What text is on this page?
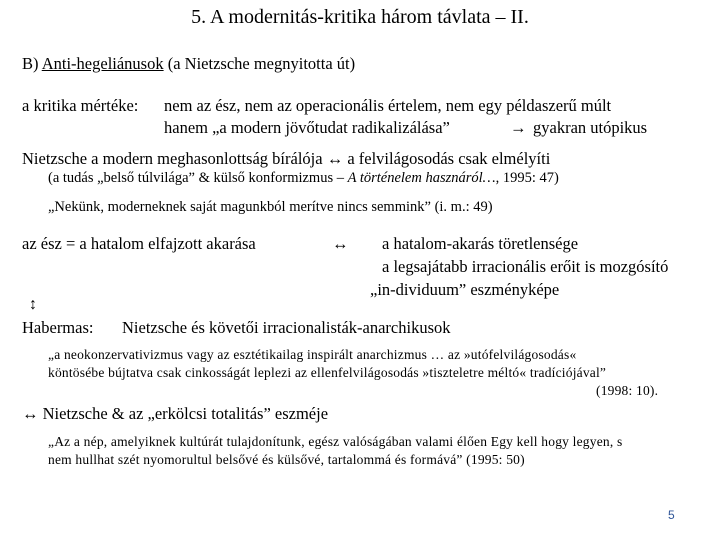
5. A modernitás-kritika három távlata – II.
B) Anti-hegeliánusok (a Nietzsche megnyitotta út)
a kritika mértéke: nem az ész, nem az operacionális értelem, nem egy példaszerű múlt
hanem „a modern jövőtudat radikalizálása”	→ gyakran utópikus
Nietzsche a modern meghasonlottság bírálója ↔ a felvilágosodás csak elmélyíti
(a tudás „belső túlvilága” & külső konformizmus – A történelem hasznáról…, 1995: 47)
„Nekünk, moderneknek saját magunkból merítve nincs semmink” (i. m.: 49)
az ész = a hatalom elfajzott akarása	↔ a hatalom-akarás töretlensége
a legsajátabb irracionális erőit is mozgósító
„in-dividuum” eszményképe
↕
Habermas: Nietzsche és követői irracionalisták-anarchikusok
„a neokonzervativizmus vagy az esztétikailag inspirált anarchizmus … az »utófelvilágosodás«
köntösébe bújtatva csak cinkosságát leplezi az ellenfelvilágosodás »tiszteletre méltó« tradíciójával”
(1998: 10).
↔ Nietzsche & az „erkölcsi totalitás” eszméje
„Az a nép, amelyiknek kultúrát tulajdonítunk, egész valóságában valami élően Egy kell hogy legyen, s
nem hullhat szét nyomorultul belsővé és külsővé, tartalommá és formává” (1995: 50)
5
